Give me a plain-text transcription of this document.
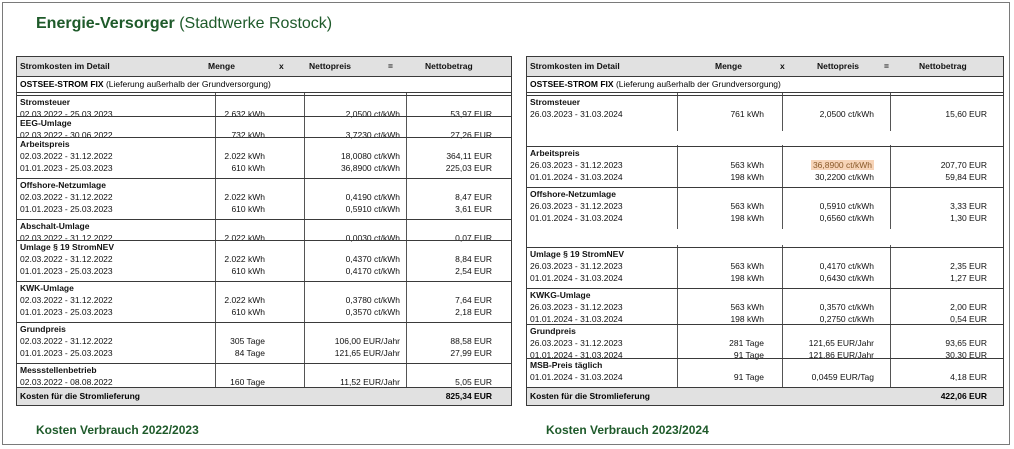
Energie-Versorger (Stadtwerke Rostock)
Stromkosten im Detail	Menge	x	Nettopreis	=	Nettobetrag
OSTSEE-STROM FIX (Lieferung außerhalb der Grundversorgung)
Stromsteuer
02.03.2022 - 25.03.2023	2.632 kWh	2,0500 ct/kWh	53,97 EUR
EEG-Umlage
02.03.2022 - 30.06.2022	732 kWh	3,7230 ct/kWh	27,26 EUR
Arbeitspreis
02.03.2022 - 31.12.2022	2.022 kWh	18,0080 ct/kWh	364,11 EUR
01.01.2023 - 25.03.2023	610 kWh	36,8900 ct/kWh	225,03 EUR
Offshore-Netzumlage
02.03.2022 - 31.12.2022	2.022 kWh	0,4190 ct/kWh	8,47 EUR
01.01.2023 - 25.03.2023	610 kWh	0,5910 ct/kWh	3,61 EUR
Abschalt-Umlage
02.03.2022 - 31.12.2022	2.022 kWh	0,0030 ct/kWh	0,07 EUR
Umlage § 19 StromNEV
02.03.2022 - 31.12.2022	2.022 kWh	0,4370 ct/kWh	8,84 EUR
01.01.2023 - 25.03.2023	610 kWh	0,4170 ct/kWh	2,54 EUR
KWK-Umlage
02.03.2022 - 31.12.2022	2.022 kWh	0,3780 ct/kWh	7,64 EUR
01.01.2023 - 25.03.2023	610 kWh	0,3570 ct/kWh	2,18 EUR
Grundpreis
02.03.2022 - 31.12.2022	305 Tage	106,00 EUR/Jahr	88,58 EUR
01.01.2023 - 25.03.2023	84 Tage	121,65 EUR/Jahr	27,99 EUR
Messstellenbetrieb
02.03.2022 - 08.08.2022	160 Tage	11,52 EUR/Jahr	5,05 EUR
Kosten für die Stromlieferung	825,34 EUR
Stromkosten im Detail	Menge	x	Nettopreis	=	Nettobetrag
OSTSEE-STROM FIX (Lieferung außerhalb der Grundversorgung)
Stromsteuer
26.03.2023 - 31.03.2024	761 kWh	2,0500 ct/kWh	15,60 EUR
Arbeitspreis
26.03.2023 - 31.12.2023	563 kWh	36,8900 ct/kWh	207,70 EUR
01.01.2024 - 31.03.2024	198 kWh	30,2200 ct/kWh	59,84 EUR
Offshore-Netzumlage
26.03.2023 - 31.12.2023	563 kWh	0,5910 ct/kWh	3,33 EUR
01.01.2024 - 31.03.2024	198 kWh	0,6560 ct/kWh	1,30 EUR
Umlage § 19 StromNEV
26.03.2023 - 31.12.2023	563 kWh	0,4170 ct/kWh	2,35 EUR
01.01.2024 - 31.03.2024	198 kWh	0,6430 ct/kWh	1,27 EUR
KWKG-Umlage
26.03.2023 - 31.12.2023	563 kWh	0,3570 ct/kWh	2,00 EUR
01.01.2024 - 31.03.2024	198 kWh	0,2750 ct/kWh	0,54 EUR
Grundpreis
26.03.2023 - 31.12.2023	281 Tage	121,65 EUR/Jahr	93,65 EUR
01.01.2024 - 31.03.2024	91 Tage	121,86 EUR/Jahr	30,30 EUR
MSB-Preis täglich
01.01.2024 - 31.03.2024	91 Tage	0,0459 EUR/Tag	4,18 EUR
Kosten für die Stromlieferung	422,06 EUR
Kosten Verbrauch 2022/2023	Kosten Verbrauch 2023/2024
